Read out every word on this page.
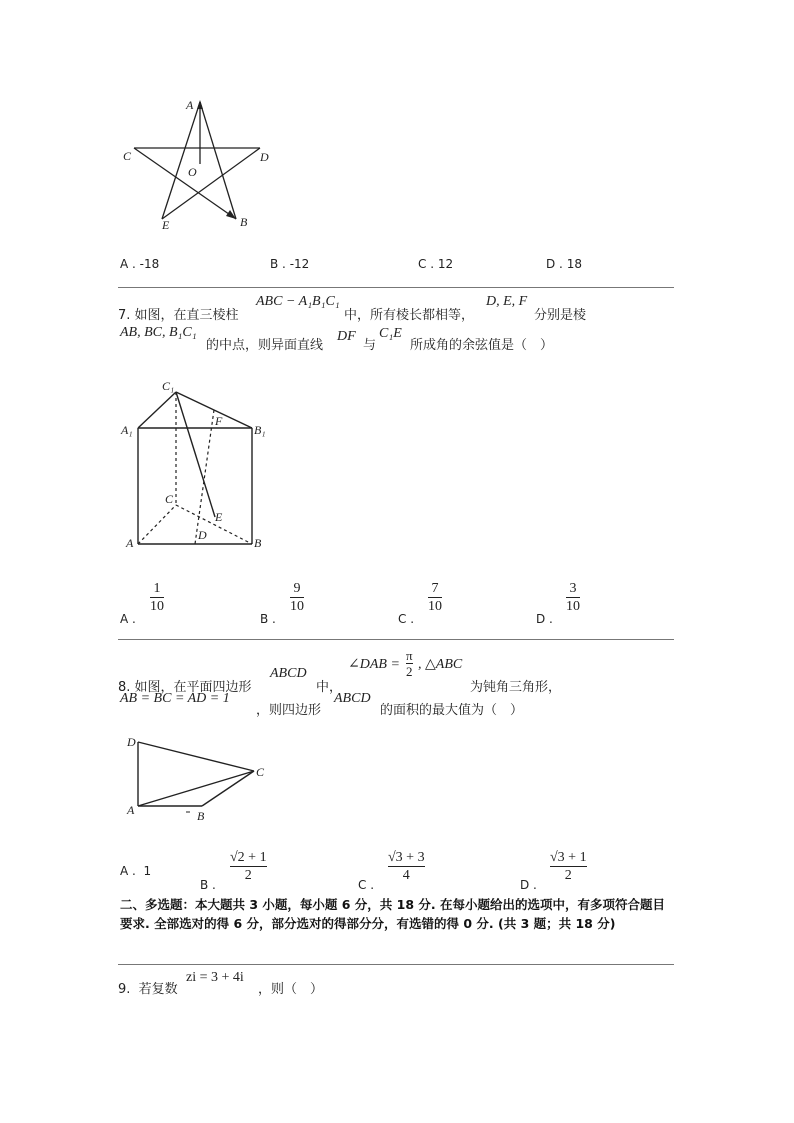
A
C	D
O
E	B
A . -18	B . -12	C . 12	D . 18
7. 如图，在直三棱柱
ABC − A₁B₁C₁
中，所有棱长都相等，
D, E, F
分别是棱
AB, BC, B₁C₁
的中点，则异面直线
DF
与
C₁E
所成角的余弦值是（　）
C₁
A₁	B₁
F
C
E
D
A	B
A .
1
10
B .
9
10
C .
7
10
D .
3
10
8. 如图，在平面四边形
ABCD
中，
∠DAB =
π
2 , △ABC
为钝角三角形，
AB = BC = AD = 1
，则四边形
ABCD
的面积的最大值为（　）
D
C
A	B
A . 1
B .
√2 + 1
2
C .
√3 + 3
4
D .
√3 + 1
2
二、多选题：本大题共 3 小题，每小题 6 分，共 18 分. 在每小题给出的选项中，有多项符合题目要求. 全部选对的得 6 分，部分选对的得部分分，有选错的得 0 分. (共 3 题；共 18 分)
9. 若复数
zi = 3 + 4i
，则（　）
